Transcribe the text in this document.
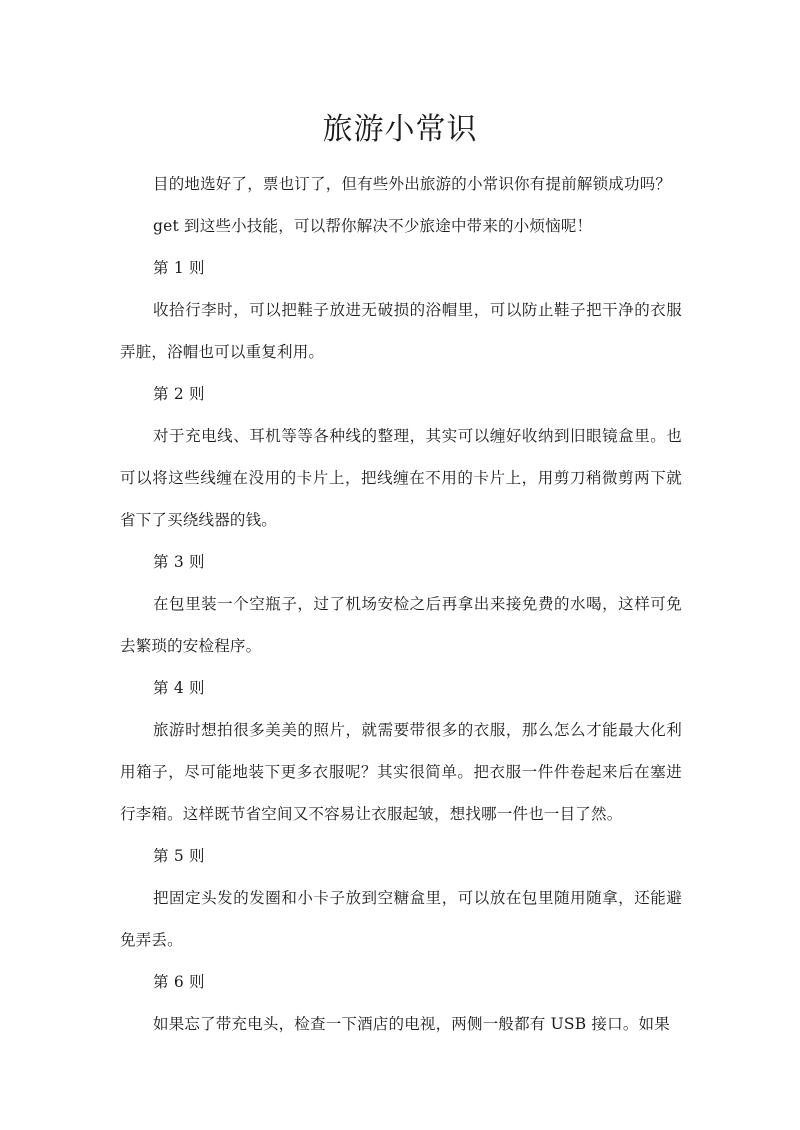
旅游小常识

目的地选好了，票也订了，但有些外出旅游的小常识你有提前解锁成功吗？

get 到这些小技能，可以帮你解决不少旅途中带来的小烦恼呢！

第 1 则

收拾行李时，可以把鞋子放进无破损的浴帽里，可以防止鞋子把干净的衣服弄脏，浴帽也可以重复利用。

第 2 则

对于充电线、耳机等等各种线的整理，其实可以缠好收纳到旧眼镜盒里。也可以将这些线缠在没用的卡片上，把线缠在不用的卡片上，用剪刀稍微剪两下就省下了买绕线器的钱。

第 3 则

在包里装一个空瓶子，过了机场安检之后再拿出来接免费的水喝，这样可免去繁琐的安检程序。

第 4 则

旅游时想拍很多美美的照片，就需要带很多的衣服，那么怎么才能最大化利用箱子，尽可能地装下更多衣服呢？其实很简单。把衣服一件件卷起来后在塞进行李箱。这样既节省空间又不容易让衣服起皱，想找哪一件也一目了然。

第 5 则

把固定头发的发圈和小卡子放到空糖盒里，可以放在包里随用随拿，还能避免弄丢。

第 6 则

如果忘了带充电头，检查一下酒店的电视，两侧一般都有 USB 接口。如果
